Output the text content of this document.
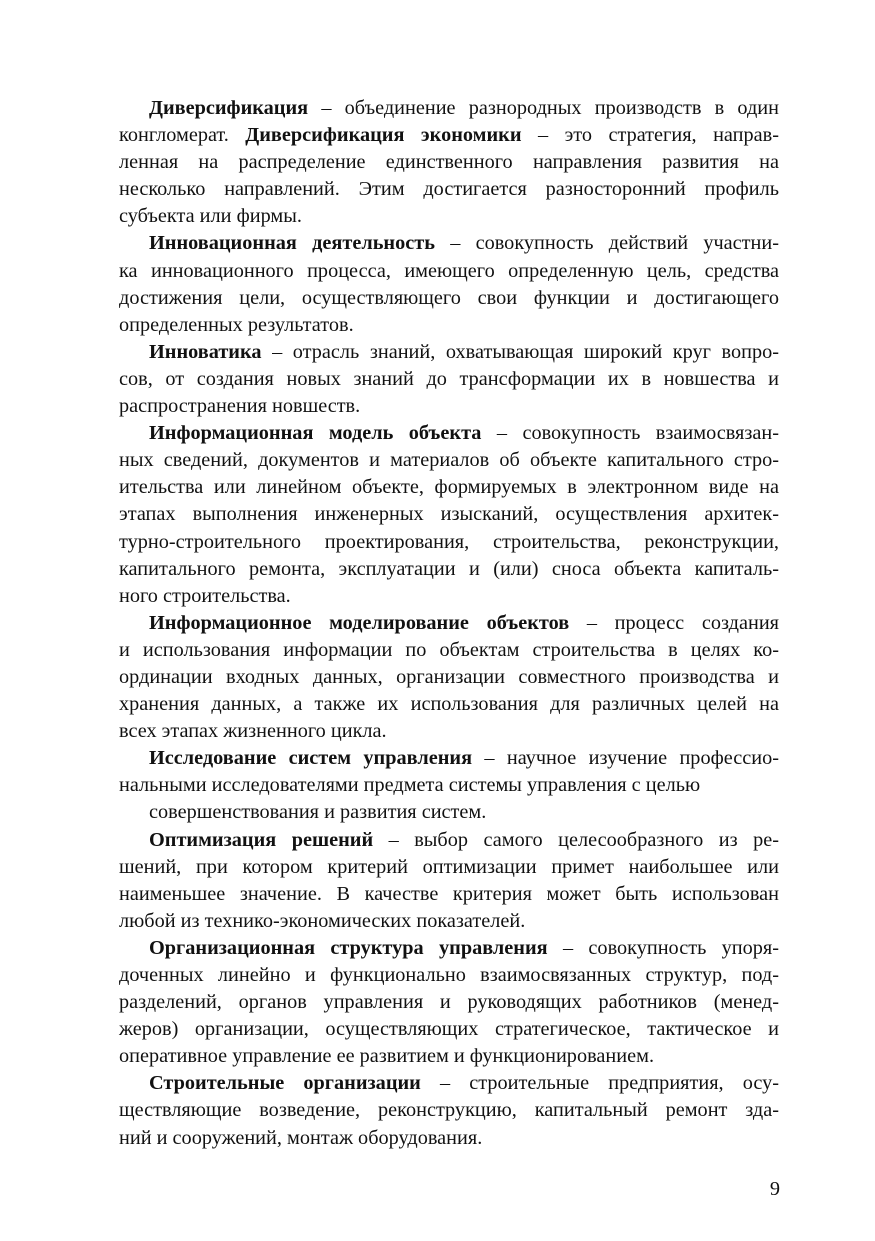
Диверсификация – объединение разнородных производств в один
конгломерат. Диверсификация экономики – это стратегия, направ-
ленная на распределение единственного направления развития на
несколько направлений. Этим достигается разносторонний профиль
субъекта или фирмы.
Инновационная деятельность – совокупность действий участни-
ка инновационного процесса, имеющего определенную цель, средства
достижения цели, осуществляющего свои функции и достигающего
определенных результатов.
Инноватика – отрасль знаний, охватывающая широкий круг вопро-
сов, от создания новых знаний до трансформации их в новшества и
распространения новшеств.
Информационная модель объекта – совокупность взаимосвязан-
ных сведений, документов и материалов об объекте капитального стро-
ительства или линейном объекте, формируемых в электронном виде на
этапах выполнения инженерных изысканий, осуществления архитек-
турно-строительного проектирования, строительства, реконструкции,
капитального ремонта, эксплуатации и (или) сноса объекта капиталь-
ного строительства.
Информационное моделирование объектов – процесс создания
и использования информации по объектам строительства в целях ко-
ординации входных данных, организации совместного производства и
хранения данных, а также их использования для различных целей на
всех этапах жизненного цикла.
Исследование систем управления – научное изучение профессио-
нальными исследователями предмета системы управления с целью
совершенствования и развития систем.
Оптимизация решений – выбор самого целесообразного из ре-
шений, при котором критерий оптимизации примет наибольшее или
наименьшее значение. В качестве критерия может быть использован
любой из технико-экономических показателей.
Организационная структура управления – совокупность упоря-
доченных линейно и функционально взаимосвязанных структур, под-
разделений, органов управления и руководящих работников (менед-
жеров) организации, осуществляющих стратегическое, тактическое и
оперативное управление ее развитием и функционированием.
Строительные организации – строительные предприятия, осу-
ществляющие возведение, реконструкцию, капитальный ремонт зда-
ний и сооружений, монтаж оборудования.
9
